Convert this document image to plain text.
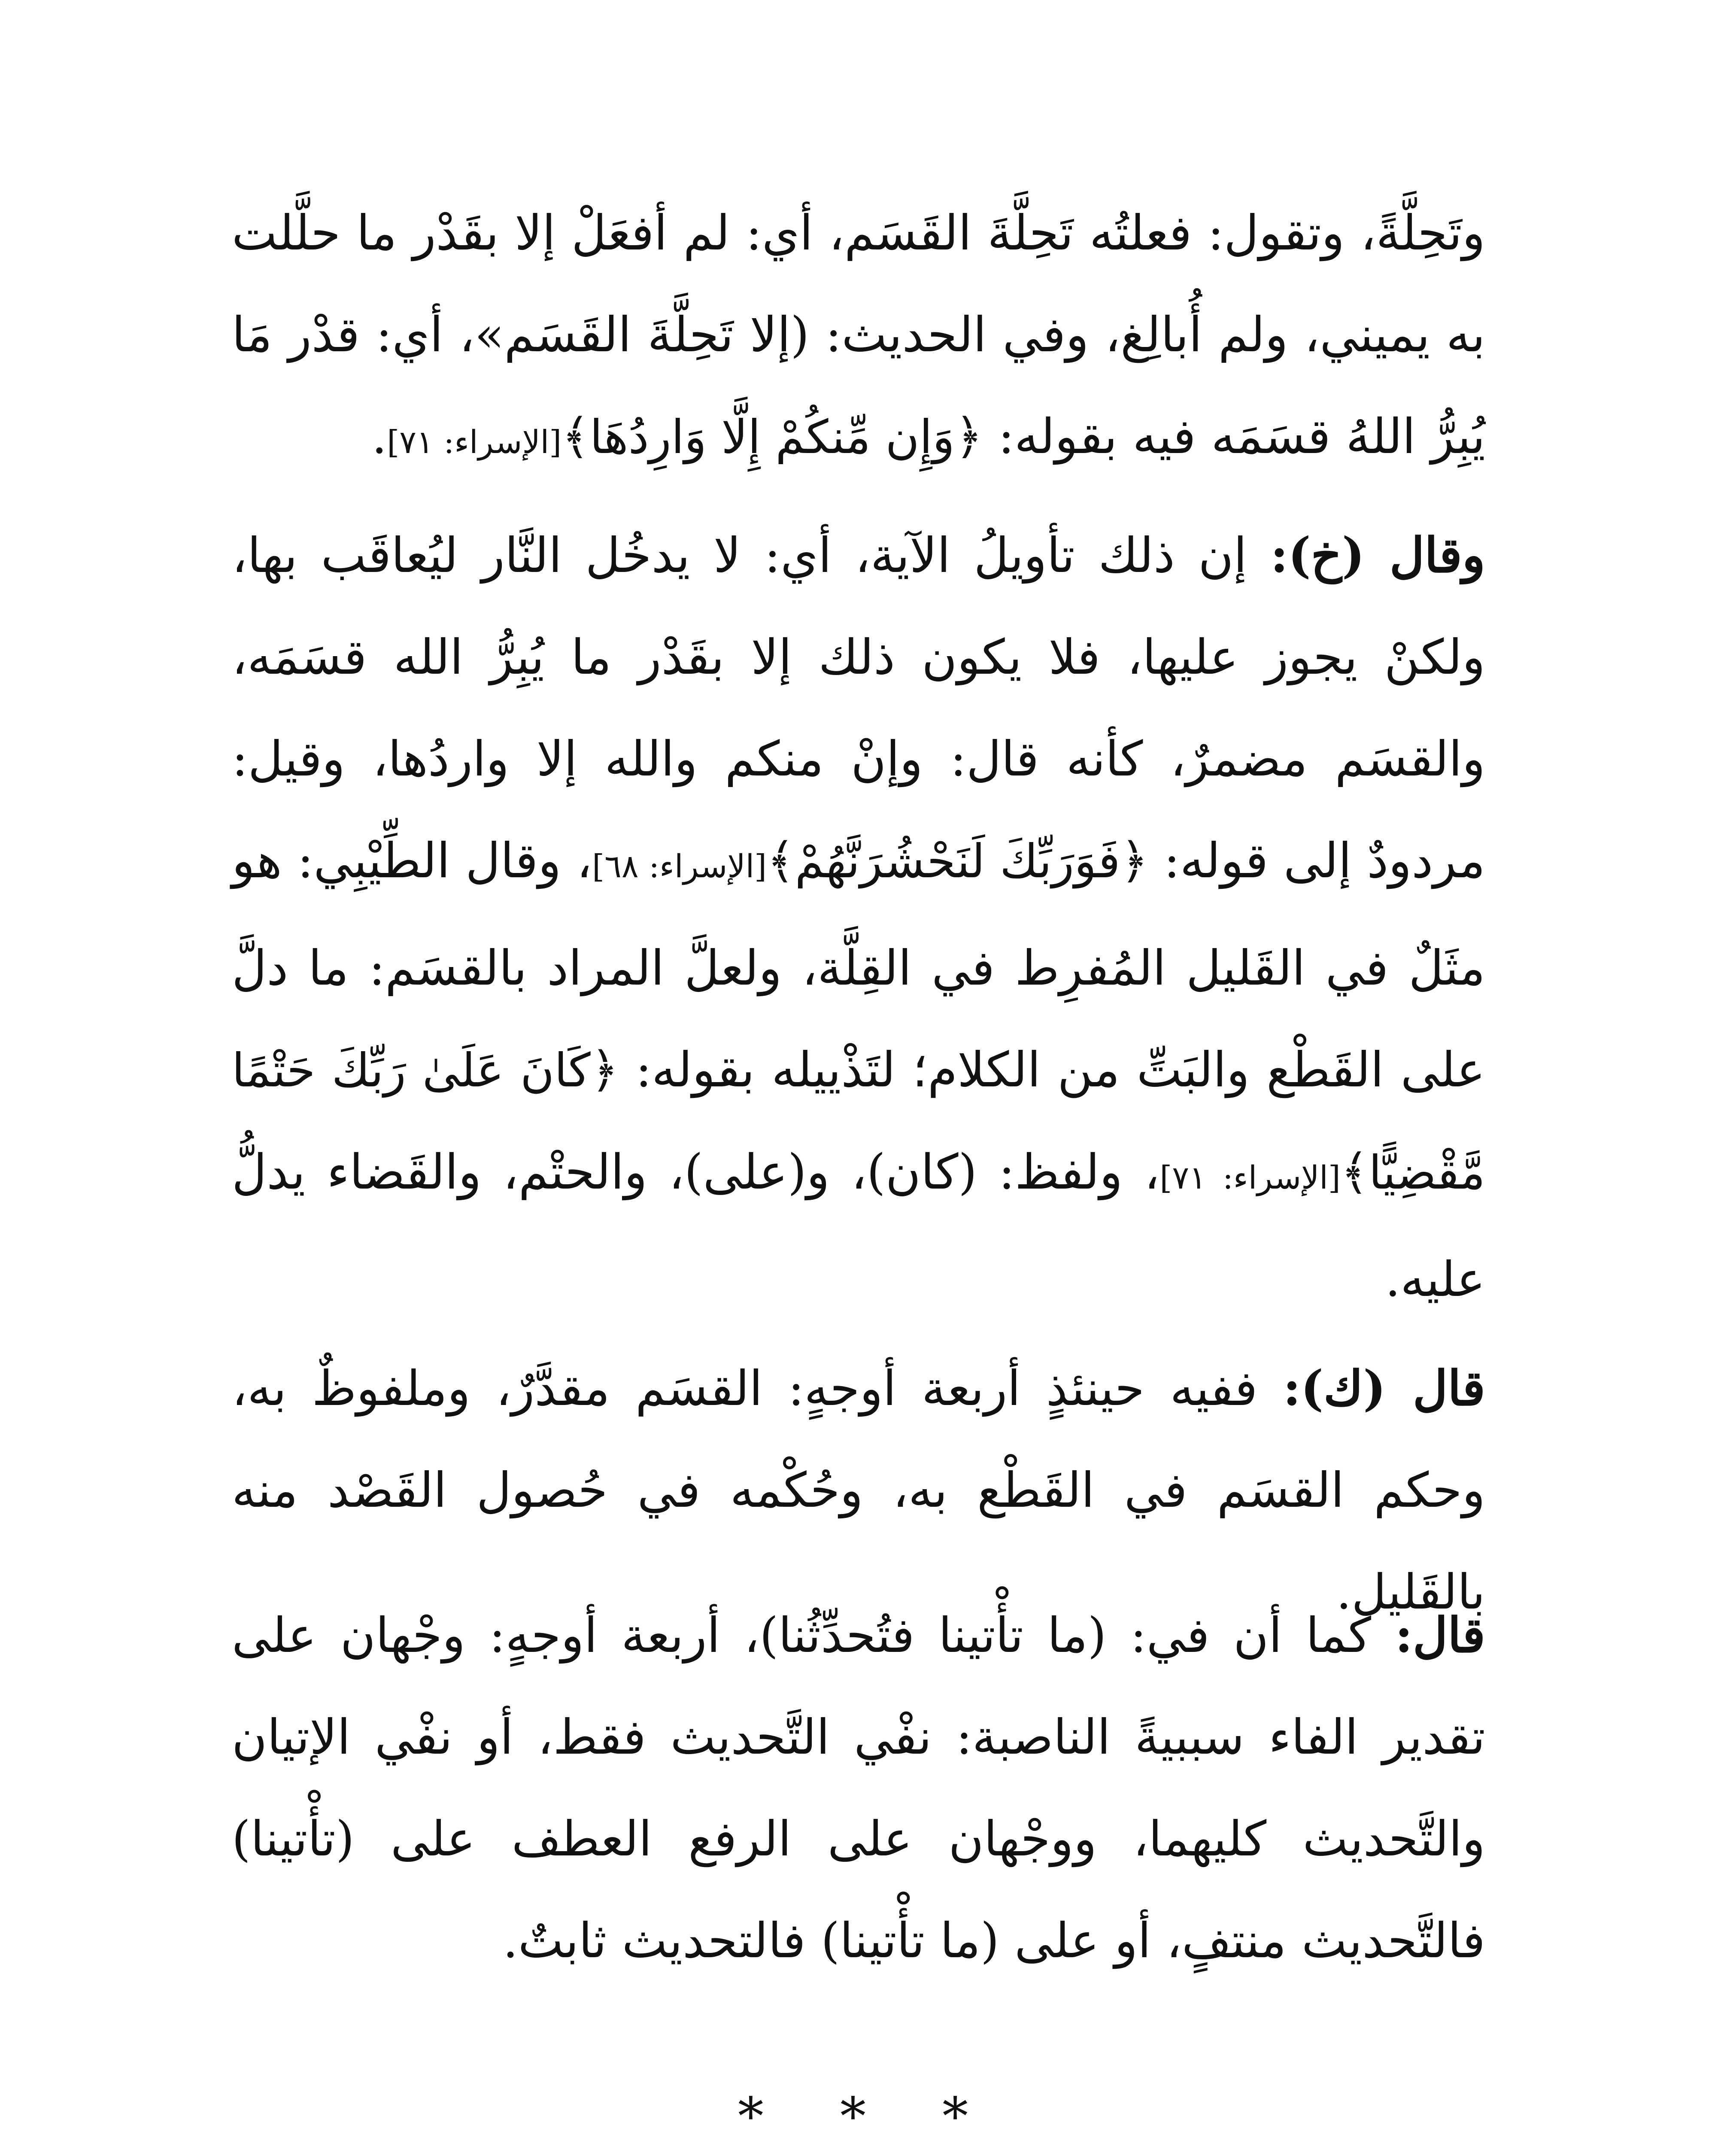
وتَحِلَّةً، وتقول: فعلتُه تَحِلَّةَ القَسَم، أي: لم أفعَلْ إلا بقَدْر ما حلَّلت به يميني، ولم أُبالِغ، وفي الحديث: (إلا تَحِلَّةَ القَسَم»، أي: قدْر مَا يُبِرُّ اللهُ قسَمَه فيه بقوله: ﴿وَإِن مِّنكُمْ إِلَّا وَارِدُهَا﴾[الإسراء: ٧١].

وقال (خ): إن ذلك تأويلُ الآية، أي: لا يدخُل النَّار ليُعاقَب بها، ولكنْ يجوز عليها، فلا يكون ذلك إلا بقَدْر ما يُبِرُّ الله قسَمَه، والقسَم مضمرٌ، كأنه قال: وإنْ منكم والله إلا واردُها، وقيل: مردودٌ إلى قوله: ﴿فَوَرَبِّكَ لَنَحْشُرَنَّهُمْ﴾[الإسراء: ٦٨]، وقال الطِّيْبِي: هو مثَلٌ في القَليل المُفرِط في القِلَّة، ولعلَّ المراد بالقسَم: ما دلَّ على القَطْع والبَتِّ من الكلام؛ لتَذْييله بقوله: ﴿كَانَ عَلَىٰ رَبِّكَ حَتْمًا مَّقْضِيًّا﴾[الإسراء: ٧١]، ولفظ: (كان)، و(على)، والحتْم، والقَضاء يدلُّ عليه.

قال (ك): ففيه حينئذٍ أربعة أوجهٍ: القسَم مقدَّرٌ، وملفوظٌ به، وحكم القسَم في القَطْع به، وحُكْمه في حُصول القَصْد منه بالقَليل.

قال: كما أن في: (ما تأْتينا فتُحدِّثُنا)، أربعة أوجهٍ: وجْهان على تقدير الفاء سببيةً الناصبة: نفْي التَّحديث فقط، أو نفْي الإتيان والتَّحديث كليهما، ووجْهان على الرفع العطف على (تأْتينا) فالتَّحديث منتفٍ، أو على (ما تأْتينا) فالتحديث ثابتٌ.

* * *
